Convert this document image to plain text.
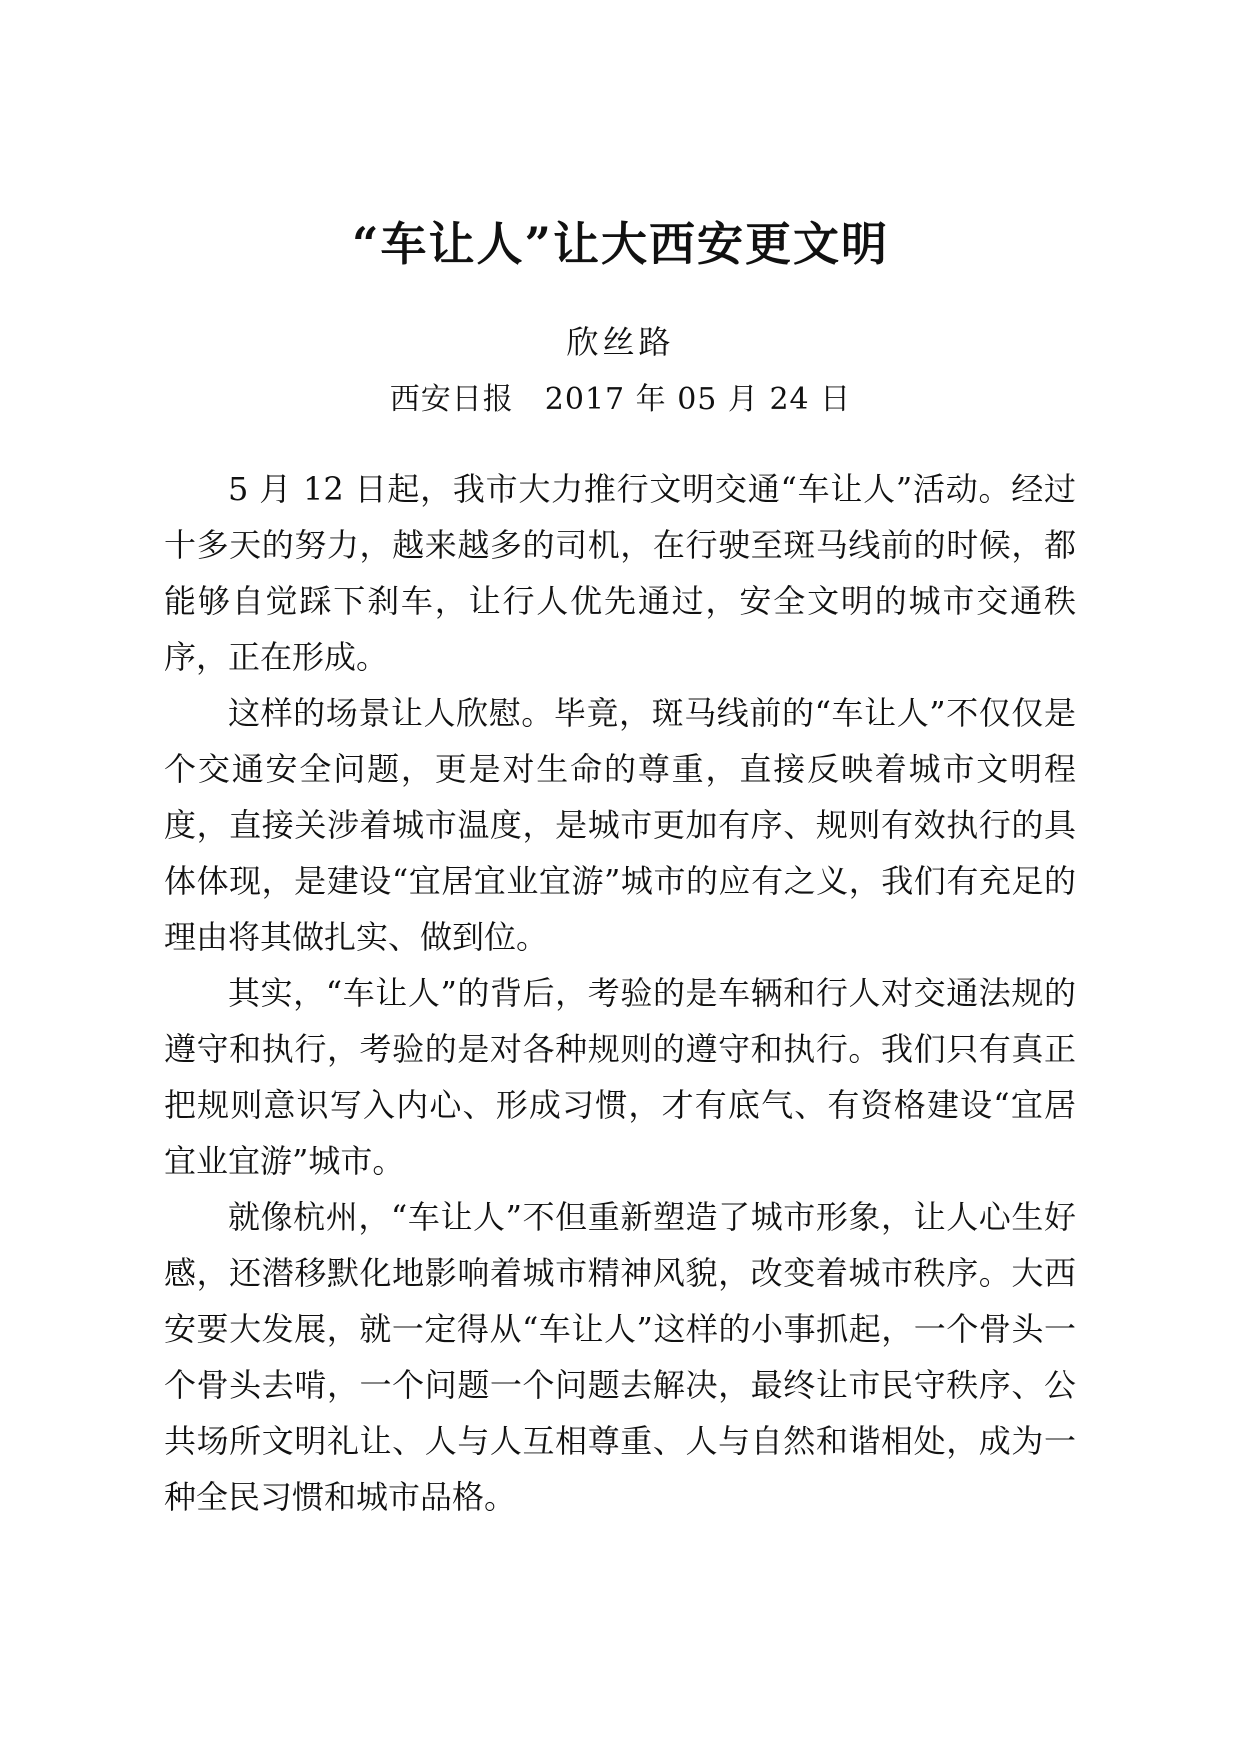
“车让人”让大西安更文明
欣丝路
西安日报　2017 年 05 月 24 日

5 月 12 日起，我市大力推行文明交通“车让人”活动。经过十多天的努力，越来越多的司机，在行驶至斑马线前的时候，都能够自觉踩下刹车，让行人优先通过，安全文明的城市交通秩序，正在形成。

这样的场景让人欣慰。毕竟，斑马线前的“车让人”不仅仅是个交通安全问题，更是对生命的尊重，直接反映着城市文明程度，直接关涉着城市温度，是城市更加有序、规则有效执行的具体体现，是建设“宜居宜业宜游”城市的应有之义，我们有充足的理由将其做扎实、做到位。

其实，“车让人”的背后，考验的是车辆和行人对交通法规的遵守和执行，考验的是对各种规则的遵守和执行。我们只有真正把规则意识写入内心、形成习惯，才有底气、有资格建设“宜居宜业宜游”城市。

就像杭州，“车让人”不但重新塑造了城市形象，让人心生好感，还潜移默化地影响着城市精神风貌，改变着城市秩序。大西安要大发展，就一定得从“车让人”这样的小事抓起，一个骨头一个骨头去啃，一个问题一个问题去解决，最终让市民守秩序、公共场所文明礼让、人与人互相尊重、人与自然和谐相处，成为一种全民习惯和城市品格。
